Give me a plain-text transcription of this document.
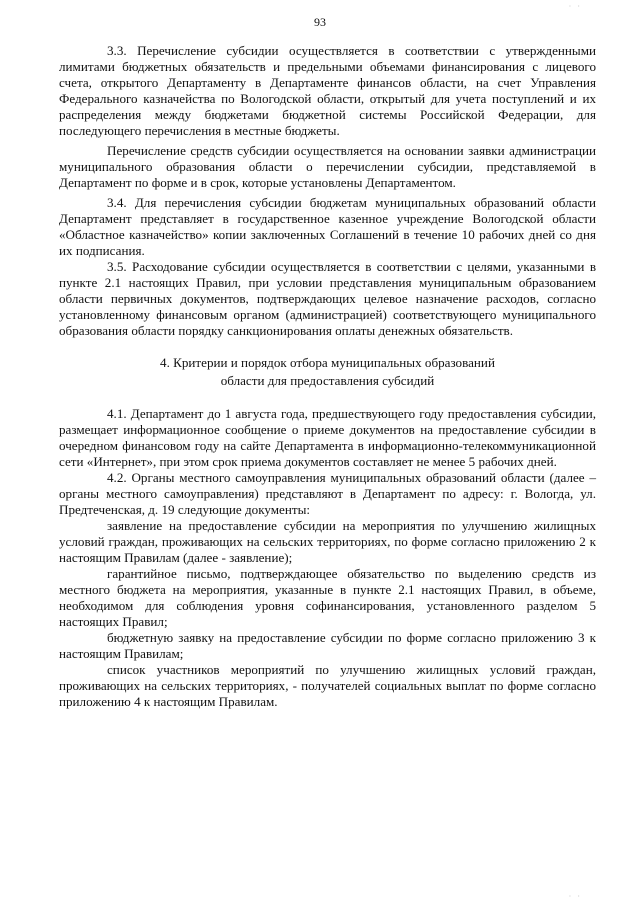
· ·
93

3.3. Перечисление субсидии осуществляется в соответствии с утвержденными лимитами бюджетных обязательств и предельными объемами финансирования с лицевого счета, открытого Департаменту в Департаменте финансов области, на счет Управления Федерального казначейства по Вологодской области, открытый для учета поступлений и их распределения между бюджетами бюджетной системы Российской Федерации, для последующего перечисления в местные бюджеты.

Перечисление средств субсидии осуществляется на основании заявки администрации муниципального образования области о перечислении субсидии, представляемой в Департамент по форме и в срок, которые установлены Департаментом.

3.4. Для перечисления субсидии бюджетам муниципальных образований области Департамент представляет в государственное казенное учреждение Вологодской области «Областное казначейство» копии заключенных Соглашений в течение 10 рабочих дней со дня их подписания.

3.5. Расходование субсидии осуществляется в соответствии с целями, указанными в пункте 2.1 настоящих Правил, при условии представления муниципальным образованием области первичных документов, подтверждающих целевое назначение расходов, согласно установленному финансовым органом (администрацией) соответствующего муниципального образования области порядку санкционирования оплаты денежных обязательств.

4. Критерии и порядок отбора муниципальных образований
области для предоставления субсидий

4.1. Департамент до 1 августа года, предшествующего году предоставления субсидии, размещает информационное сообщение о приеме документов на предоставление субсидии в очередном финансовом году на сайте Департамента в информационно-телекоммуникационной сети «Интернет», при этом срок приема документов составляет не менее 5 рабочих дней.

4.2. Органы местного самоуправления муниципальных образований области (далее – органы местного самоуправления) представляют в Департамент по адресу: г. Вологда, ул. Предтеченская, д. 19 следующие документы:

заявление на предоставление субсидии на мероприятия по улучшению жилищных условий граждан, проживающих на сельских территориях, по форме согласно приложению 2 к настоящим Правилам (далее - заявление);

гарантийное письмо, подтверждающее обязательство по выделению средств из местного бюджета на мероприятия, указанные в пункте 2.1 настоящих Правил, в объеме, необходимом для соблюдения уровня софинансирования, установленного разделом 5 настоящих Правил;

бюджетную заявку на предоставление субсидии по форме согласно приложению 3 к настоящим Правилам;

список участников мероприятий по улучшению жилищных условий граждан, проживающих на сельских территориях, - получателей социальных выплат по форме согласно приложению 4 к настоящим Правилам.

· ·
